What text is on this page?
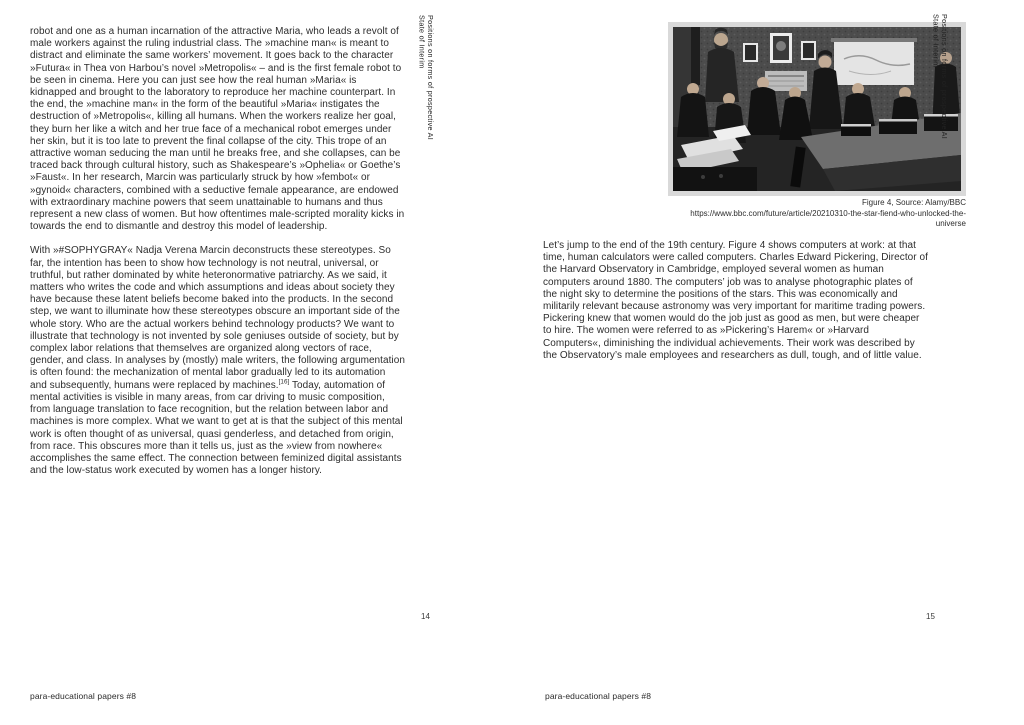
State of Interim Positions on forms of prospective AI

robot and one as a human incarnation of the attractive Maria, who leads a revolt of male workers against the ruling industrial class. The »machine man« is meant to distract and eliminate the same workers’ movement. It goes back to the character »Futura« in Thea von Harbou’s novel »Metropolis« – and is the first female robot to be seen in cinema. Here you can just see how the real human »Maria« is kidnapped and brought to the laboratory to reproduce her machine counterpart. In the end, the »machine man« in the form of the beautiful »Maria« instigates the destruction of »Metropolis«, killing all humans. When the workers realize her goal, they burn her like a witch and her true face of a mechanical robot emerges under her skin, but it is too late to prevent the final collapse of the city. This trope of an attractive woman seducing the man until he breaks free, and she collapses, can be traced back through cultural history, such as Shakespeare’s »Ophelia« or Goethe’s »Faust«. In her research, Marcin was particularly struck by how »fembot« or »gynoid« characters, combined with a seductive female appearance, are endowed with extraordinary machine powers that seem unattainable to humans and thus represent a new class of women. But how oftentimes male-scripted morality kicks in towards the end to dismantle and destroy this model of leadership.

With »#SOPHYGRAY« Nadja Verena Marcin deconstructs these stereotypes. So far, the intention has been to show how technology is not neutral, universal, or truthful, but rather dominated by white heteronormative patriarchy. As we said, it matters who writes the code and which assumptions and ideas about society they have because these latent beliefs become baked into the products. In the second step, we want to illuminate how these stereotypes obscure an important side of the whole story. Who are the actual workers behind technology products? We want to illustrate that technology is not invented by sole geniuses outside of society, but by complex labor relations that themselves are organized along vectors of race, gender, and class. In analyses by (mostly) male writers, the following argumentation is often found: the mechanization of mental labor gradually led to its automation and subsequently, humans were replaced by machines.[16] Today, automation of mental activities is visible in many areas, from car driving to music composition, from language translation to face recognition, but the relation between labor and machines is more complex. What we want to get at is that the subject of this mental work is often thought of as universal, quasi genderless, and detached from origin, from race. This obscures more than it tells us, just as the »view from nowhere« accomplishes the same effect. The connection between feminized digital assistants and the low-status work executed by women has a longer history.

14
para-educational papers #8
State of Interim Positions on forms of prospective AI
Figure 4, Source: Alamy/BBC
https://www.bbc.com/future/article/20210310-the-star-fiend-who-unlocked-the-universe

Let’s jump to the end of the 19th century. Figure 4 shows computers at work: at that time, human calculators were called computers. Charles Edward Pickering, Director of the Harvard Observatory in Cambridge, employed several women as human computers around 1880. The computers’ job was to analyse photographic plates of the night sky to determine the positions of the stars. This was economically and militarily relevant because astronomy was very important for maritime trading powers. Pickering knew that women would do the job just as good as men, but were cheaper to hire. The women were referred to as »Pickering’s Harem« or »Harvard Computers«, diminishing the individual achievements. Their work was described by the Observatory’s male employees and researchers as dull, tough, and of little value.

15
para-educational papers #8
